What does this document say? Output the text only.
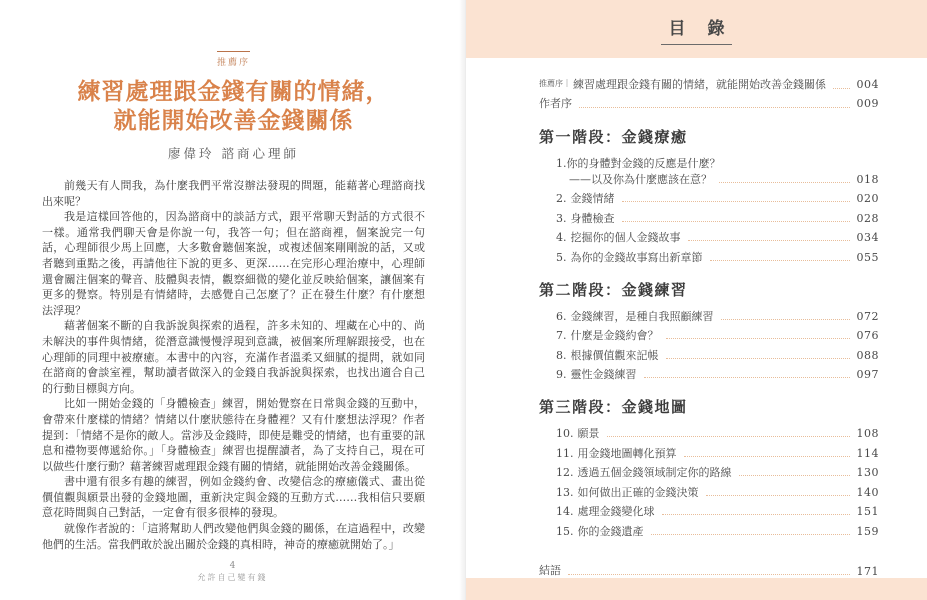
推薦序
練習處理跟金錢有關的情緒，
就能開始改善金錢關係
廖偉玲 諮商心理師

前幾天有人問我，為什麼我們平常沒辦法發現的問題，能藉著心理諮商找出來呢？

我是這樣回答他的，因為諮商中的談話方式，跟平常聊天對話的方式很不一樣。通常我們聊天會是你說一句，我答一句；但在諮商裡，個案說完一句話，心理師很少馬上回應，大多數會聽個案說，或複述個案剛剛說的話，又或者聽到重點之後，再請他往下說的更多、更深……在完形心理治療中，心理師還會關注個案的聲音、肢體與表情，觀察細微的變化並反映給個案，讓個案有更多的覺察。特別是有情緒時，去感覺自己怎麼了？正在發生什麼？有什麼想法浮現？

藉著個案不斷的自我訴說與探索的過程，許多未知的、埋藏在心中的、尚未解決的事件與情緒，從潛意識慢慢浮現到意識，被個案所理解跟接受，也在心理師的同理中被療癒。本書中的內容，充滿作者溫柔又細膩的提問，就如同在諮商的會談室裡，幫助讀者做深入的金錢自我訴說與探索，也找出適合自己的行動目標與方向。

比如一開始金錢的「身體檢查」練習，開始覺察在日常與金錢的互動中，會帶來什麼樣的情緒？情緒以什麼狀態待在身體裡？又有什麼想法浮現？作者提到：「情緒不是你的敵人。當涉及金錢時，即使是難受的情緒，也有重要的訊息和禮物要傳遞給你。」「身體檢查」練習也提醒讀者，為了支持自己，現在可以做些什麼行動？藉著練習處理跟金錢有關的情緒，就能開始改善金錢關係。

書中還有很多有趣的練習，例如金錢約會、改變信念的療癒儀式、畫出從價值觀與願景出發的金錢地圖，重新決定與金錢的互動方式……我相信只要願意花時間與自己對話，一定會有很多很棒的發現。

就像作者說的：「這將幫助人們改變他們與金錢的關係，在這過程中，改變他們的生活。當我們敢於說出關於金錢的真相時，神奇的療癒就開始了。」

4
允許自己變有錢
目 錄
推薦序｜ 練習處理跟金錢有關的情緒，就能開始改善金錢關係	004
作者序	009
第一階段：金錢療癒
1.你的身體對金錢的反應是什麼？
——以及你為什麼應該在意？	018
2. 金錢情緒	020
3. 身體檢查	028
4. 挖掘你的個人金錢故事	034
5. 為你的金錢故事寫出新章節	055
第二階段：金錢練習
6. 金錢練習，是種自我照顧練習	072
7. 什麼是金錢約會？	076
8. 根據價值觀來記帳	088
9. 靈性金錢練習	097
第三階段：金錢地圖
10. 願景	108
11. 用金錢地圖轉化預算	114
12. 透過五個金錢領域制定你的路線	130
13. 如何做出正確的金錢決策	140
14. 處理金錢變化球	151
15. 你的金錢遺產	159
結語	171
